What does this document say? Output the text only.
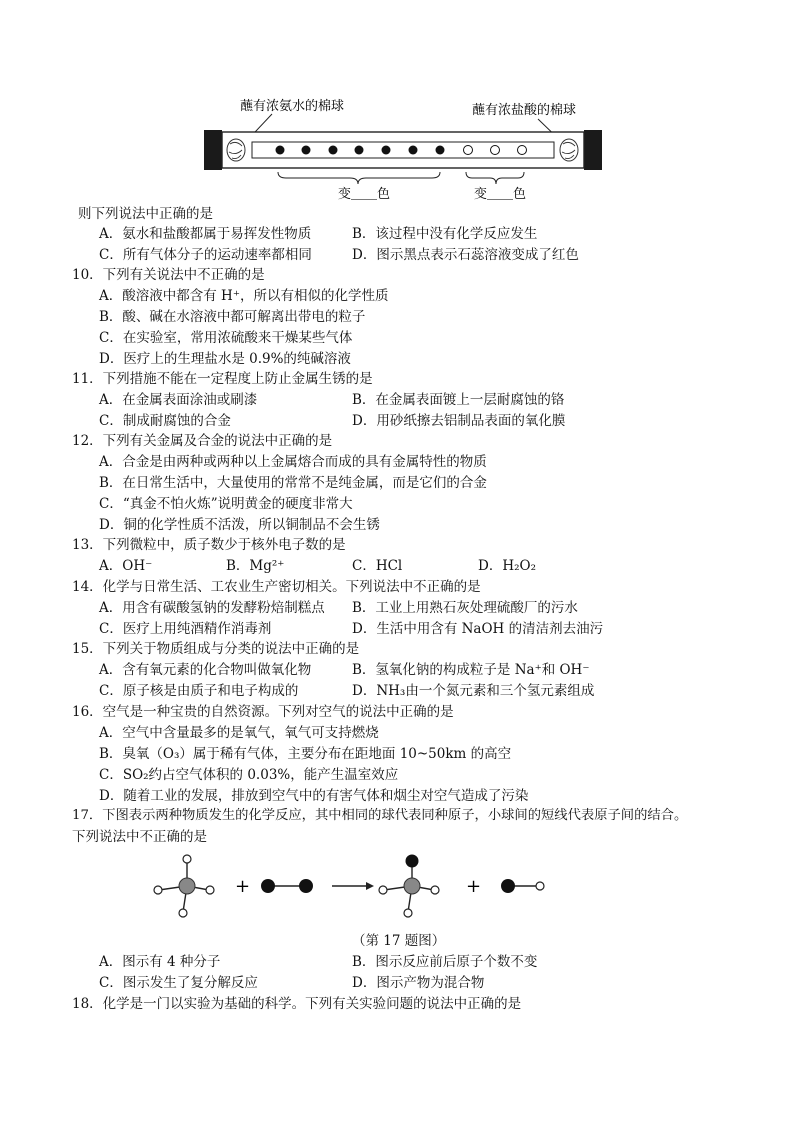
蘸有浓氨水的棉球	蘸有浓盐酸的棉球
变＿＿色	变＿＿色
则下列说法中正确的是
A．氨水和盐酸都属于易挥发性物质	B．该过程中没有化学反应发生
C．所有气体分子的运动速率都相同	D．图示黑点表示石蕊溶液变成了红色
10．下列有关说法中不正确的是
A．酸溶液中都含有 H⁺，所以有相似的化学性质
B．酸、碱在水溶液中都可解离出带电的粒子
C．在实验室，常用浓硫酸来干燥某些气体
D．医疗上的生理盐水是 0.9%的纯碱溶液
11．下列措施不能在一定程度上防止金属生锈的是
A．在金属表面涂油或刷漆	B．在金属表面镀上一层耐腐蚀的铬
C．制成耐腐蚀的合金	D．用砂纸擦去铝制品表面的氧化膜
12．下列有关金属及合金的说法中正确的是
A．合金是由两种或两种以上金属熔合而成的具有金属特性的物质
B．在日常生活中，大量使用的常常不是纯金属，而是它们的合金
C．“真金不怕火炼”说明黄金的硬度非常大
D．铜的化学性质不活泼，所以铜制品不会生锈
13．下列微粒中，质子数少于核外电子数的是
A．OH⁻	B．Mg²⁺	C．HCl	D．H₂O₂
14．化学与日常生活、工农业生产密切相关。下列说法中不正确的是
A．用含有碳酸氢钠的发酵粉焙制糕点 B．工业上用熟石灰处理硫酸厂的污水
C．医疗上用纯酒精作消毒剂	D．生活中用含有 NaOH 的清洁剂去油污
15．下列关于物质组成与分类的说法中正确的是
A．含有氧元素的化合物叫做氧化物	B．氢氧化钠的构成粒子是 Na⁺和 OH⁻
C．原子核是由质子和电子构成的	D．NH₃由一个氮元素和三个氢元素组成
16．空气是一种宝贵的自然资源。下列对空气的说法中正确的是
A．空气中含量最多的是氧气，氧气可支持燃烧
B．臭氧（O₃）属于稀有气体，主要分布在距地面 10~50km 的高空
C．SO₂约占空气体积的 0.03%，能产生温室效应
D．随着工业的发展，排放到空气中的有害气体和烟尘对空气造成了污染
17．下图表示两种物质发生的化学反应，其中相同的球代表同种原子，小球间的短线代表原子间的结合。
下列说法中不正确的是
+	+
（第 17 题图）
A．图示有 4 种分子	B．图示反应前后原子个数不变
C．图示发生了复分解反应	D．图示产物为混合物
18．化学是一门以实验为基础的科学。下列有关实验问题的说法中正确的是
